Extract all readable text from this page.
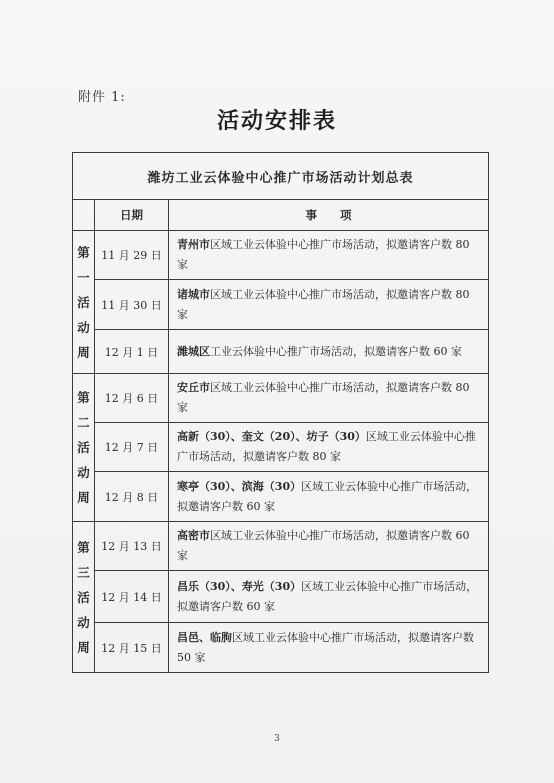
附件 1:
活动安排表
潍坊工业云体验中心推广市场活动计划总表		
	日期	事　　项

第
一
活
动
周	11 月 29 日	青州市区域工业云体验中心推广市场活动，拟邀请客户数 80 家
	11 月 30 日	诸城市区域工业云体验中心推广市场活动，拟邀请客户数 80 家
	12 月 1 日	潍城区工业云体验中心推广市场活动，拟邀请客户数 60 家

第
二
活
动
周	12 月 6 日	安丘市区域工业云体验中心推广市场活动，拟邀请客户数 80 家
	12 月 7 日	高新（30）、奎文（20）、坊子（30）区域工业云体验中心推广市场活动，拟邀请客户数 80 家
	12 月 8 日	寒亭（30）、滨海（30）区域工业云体验中心推广市场活动，拟邀请客户数 60 家

第
三
活
动
周	12 月 13 日	高密市区域工业云体验中心推广市场活动，拟邀请客户数 60 家
	12 月 14 日	昌乐（30）、寿光（30）区域工业云体验中心推广市场活动，拟邀请客户数 60 家
	12 月 15 日	昌邑、临朐区域工业云体验中心推广市场活动，拟邀请客户数 50 家
3
